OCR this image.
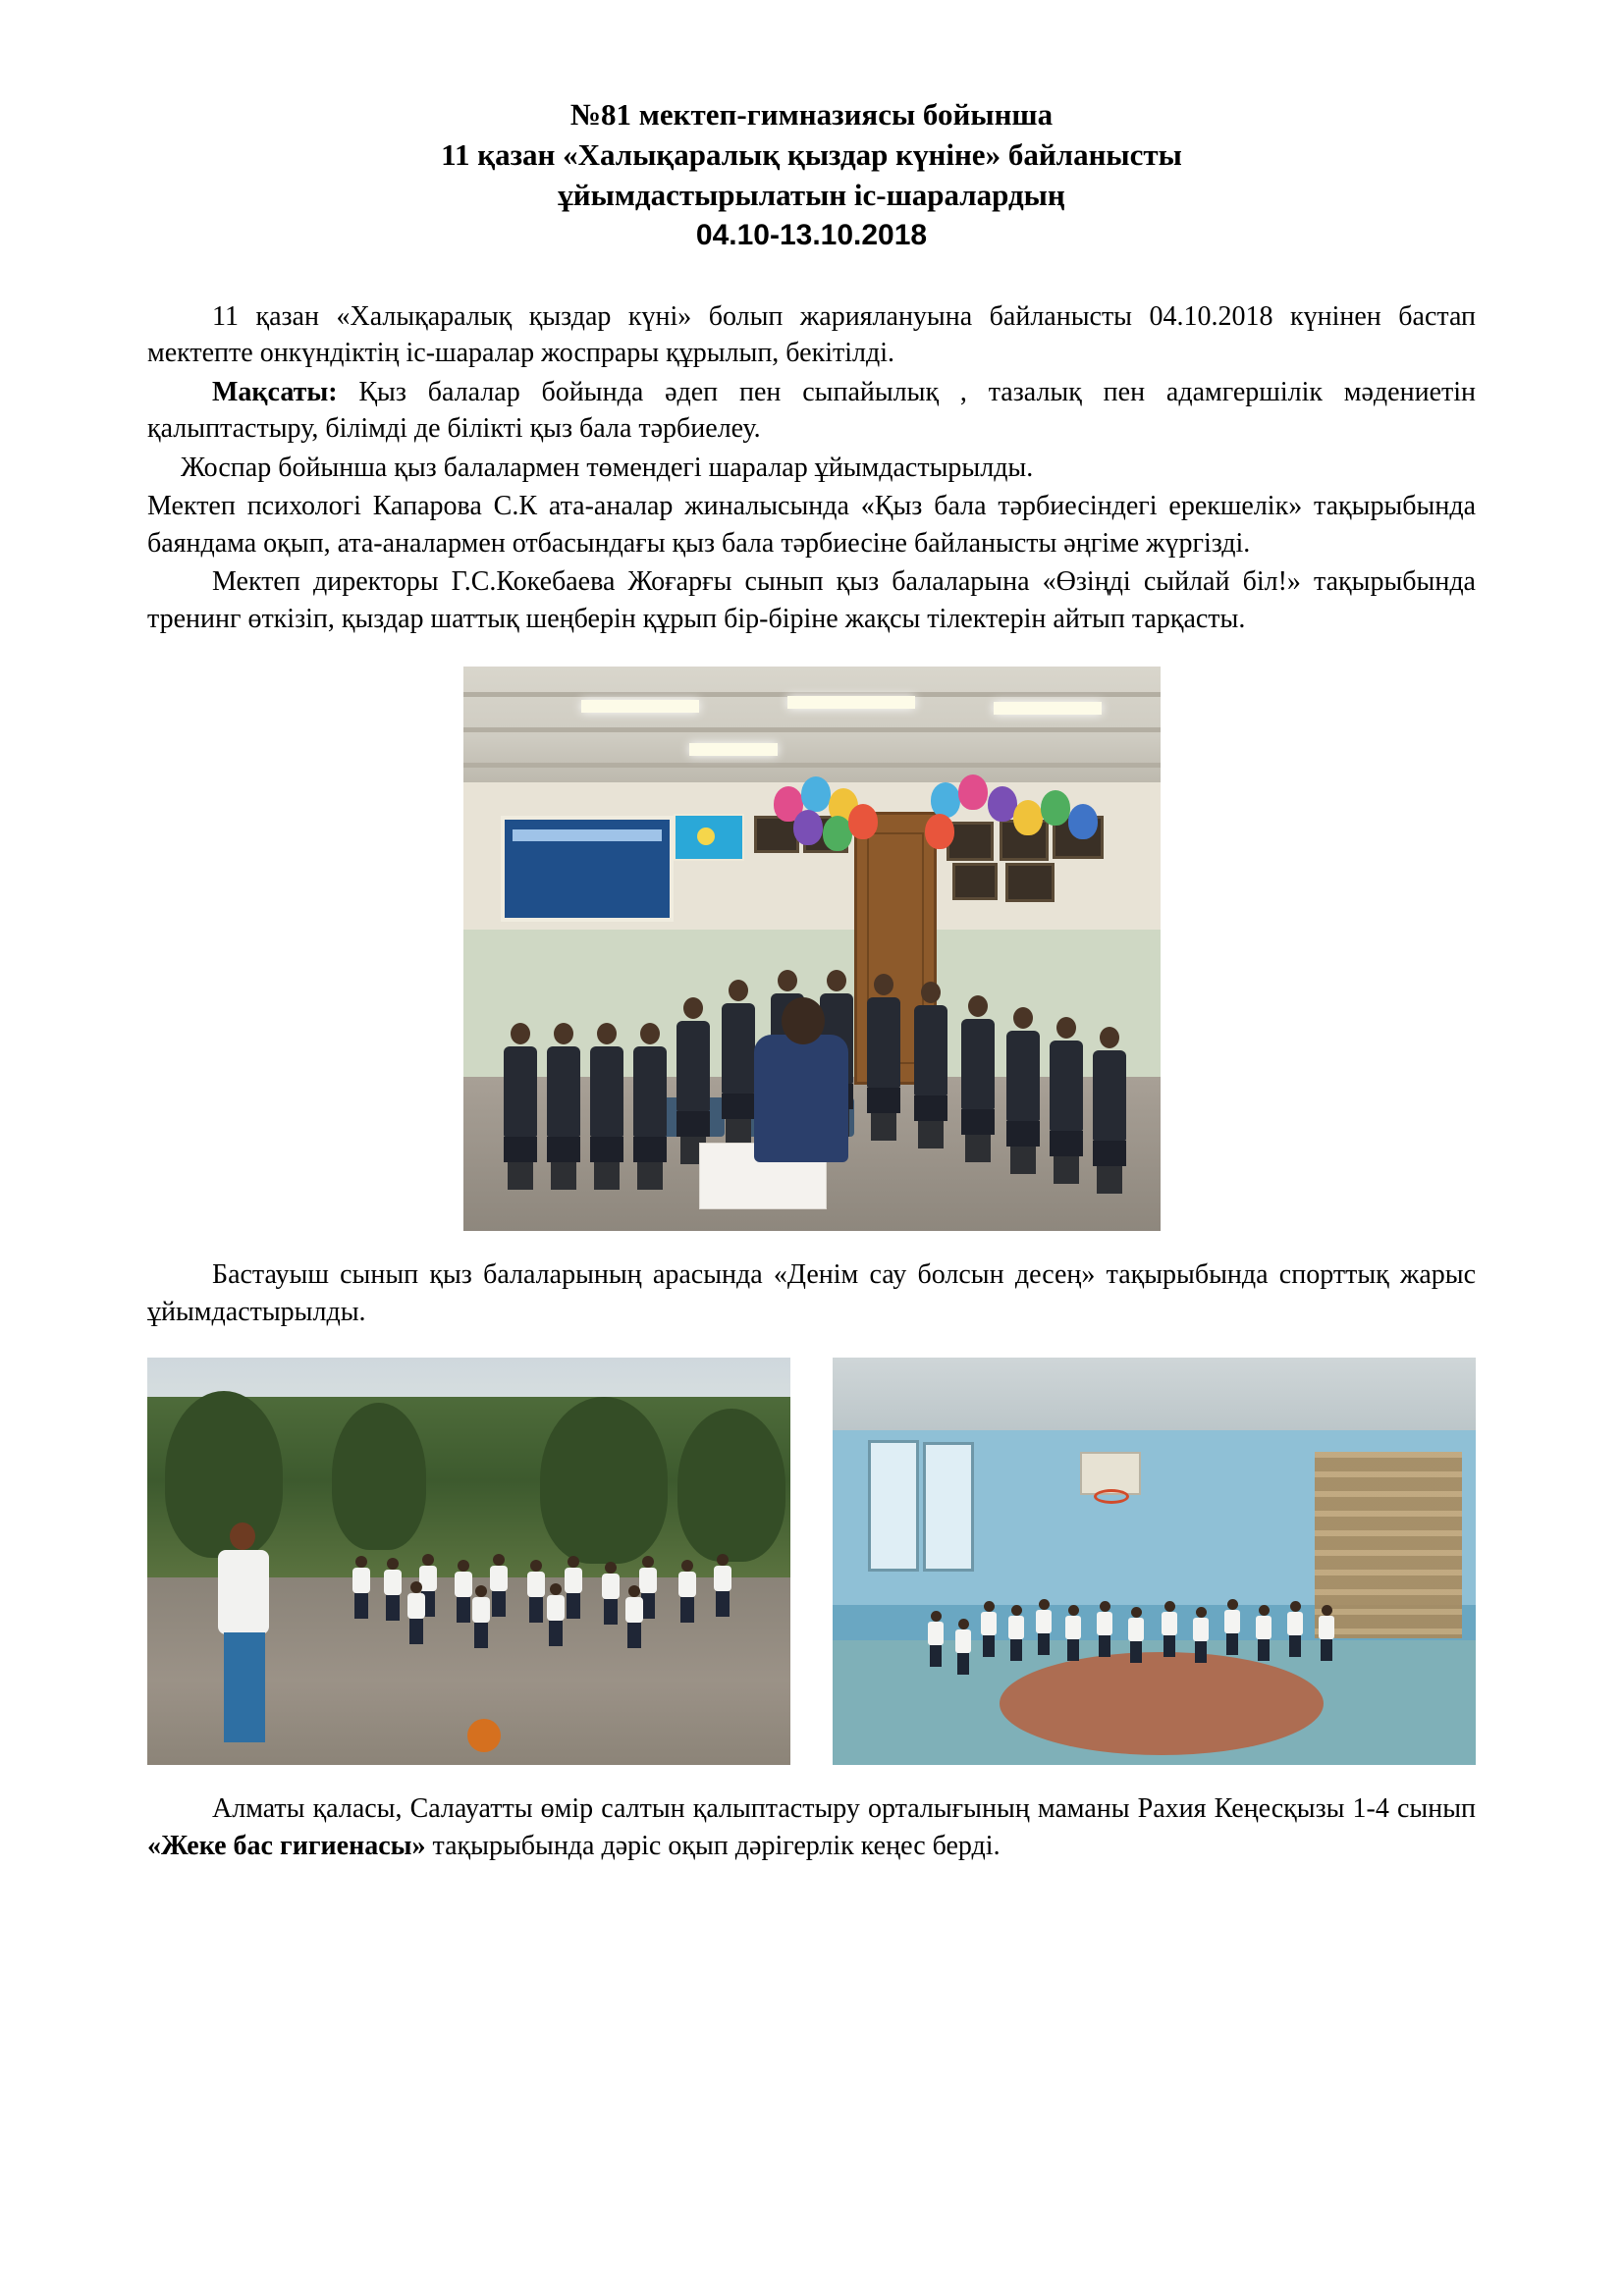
№81 мектеп-гимназиясы бойынша
11 қазан «Халықаралық қыздар күніне» байланысты
ұйымдастырылатын іс-шаралардың
04.10-13.10.2018

11 қазан «Халықаралық қыздар күні» болып жариялануына байланысты 04.10.2018 күнінен бастап мектепте онкүндіктің іс-шаралар жоспрары құрылып, бекітілді.

Мақсаты: Қыз балалар бойында әдеп пен сыпайылық , тазалық пен адамгершілік мәдениетін қалыптастыру, білімді де білікті қыз бала тәрбиелеу.

Жоспар бойынша қыз балалармен төмендегі шаралар ұйымдастырылды.

Мектеп психологі Капарова С.К ата-аналар жиналысында «Қыз бала тәрбиесіндегі ерекшелік» тақырыбында баяндама оқып, ата-аналармен отбасындағы қыз бала тәрбиесіне байланысты әңгіме жүргізді.

Мектеп директоры Г.С.Кокебаева Жоғарғы сынып қыз балаларына «Өзіңді сыйлай біл!» тақырыбында тренинг өткізіп, қыздар шаттық шеңберін құрып бір-біріне жақсы тілектерін айтып тарқасты.

Бастауыш сынып қыз балаларының арасында «Денім сау болсын десең» тақырыбында спорттық жарыс ұйымдастырылды.

Алматы қаласы, Салауатты өмір салтын қалыптастыру орталығының маманы Рахия Кеңесқызы 1-4 сынып «Жеке бас гигиенасы» тақырыбында дәріс оқып дәрігерлік кеңес берді.
